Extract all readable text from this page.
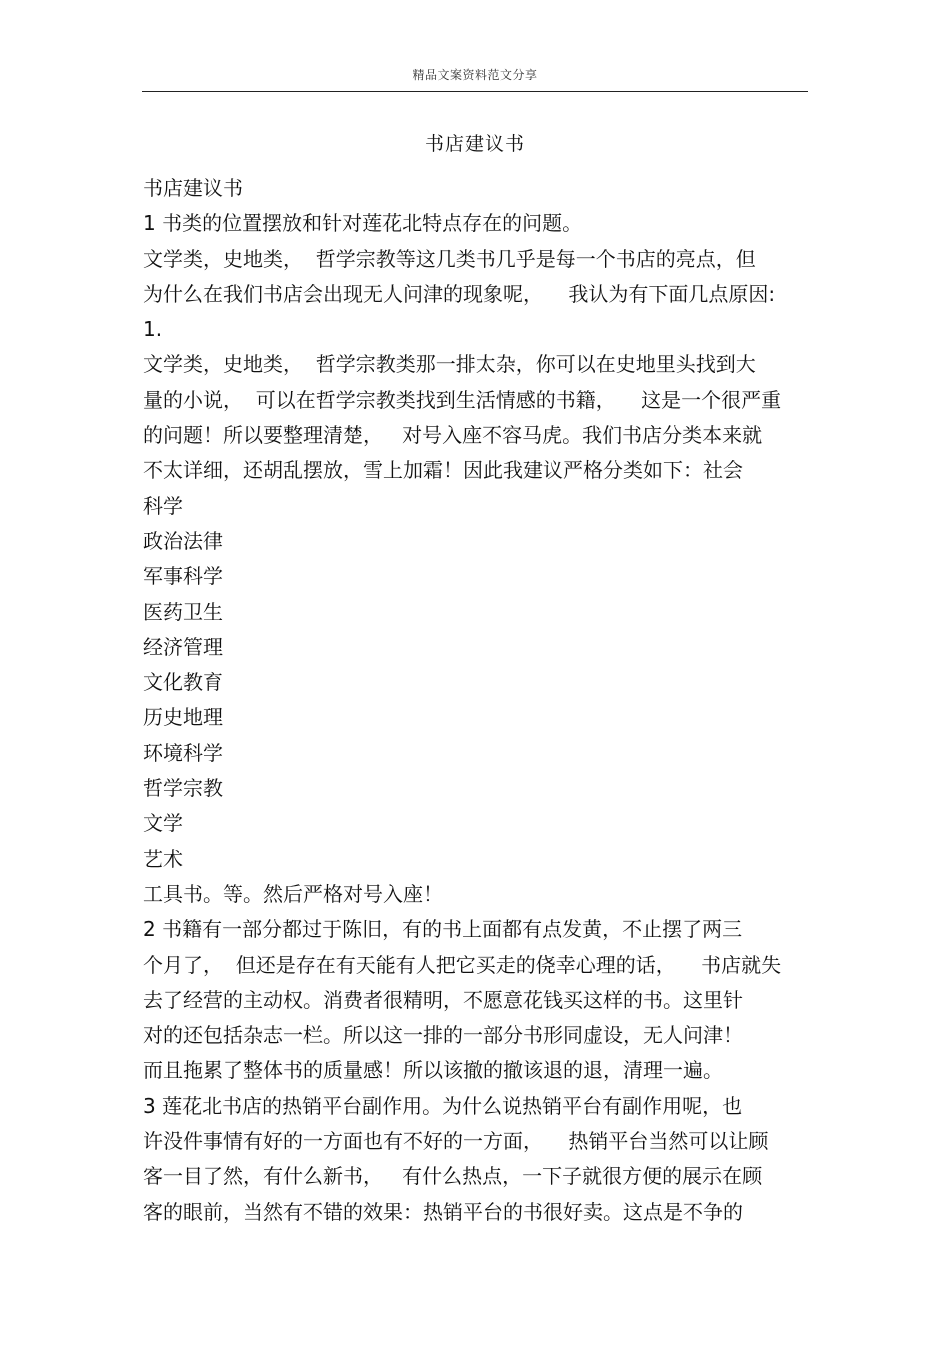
精品文案资料范文分享
书店建议书
书店建议书
1 书类的位置摆放和针对莲花北特点存在的问题。
文学类，史地类，  哲学宗教等这几类书几乎是每一个书店的亮点，但
为什么在我们书店会出现无人问津的现象呢，    我认为有下面几点原因:
1.
文学类，史地类，  哲学宗教类那一排太杂，你可以在史地里头找到大
量的小说，  可以在哲学宗教类找到生活情感的书籍，    这是一个很严重
的问题！所以要整理清楚，   对号入座不容马虎。我们书店分类本来就
不太详细，还胡乱摆放，雪上加霜！因此我建议严格分类如下：社会
科学
政治法律
军事科学
医药卫生
经济管理
文化教育
历史地理
环境科学
哲学宗教
文学
艺术
工具书。等。然后严格对号入座！
2 书籍有一部分都过于陈旧，有的书上面都有点发黄，不止摆了两三
个月了，  但还是存在有天能有人把它买走的侥幸心理的话，    书店就失
去了经营的主动权。消费者很精明，不愿意花钱买这样的书。这里针
对的还包括杂志一栏。所以这一排的一部分书形同虚设，无人问津！
而且拖累了整体书的质量感！所以该撤的撤该退的退，清理一遍。
3 莲花北书店的热销平台副作用。为什么说热销平台有副作用呢，也
许没件事情有好的一方面也有不好的一方面，    热销平台当然可以让顾
客一目了然，有什么新书，   有什么热点，一下子就很方便的展示在顾
客的眼前，当然有不错的效果：热销平台的书很好卖。这点是不争的
